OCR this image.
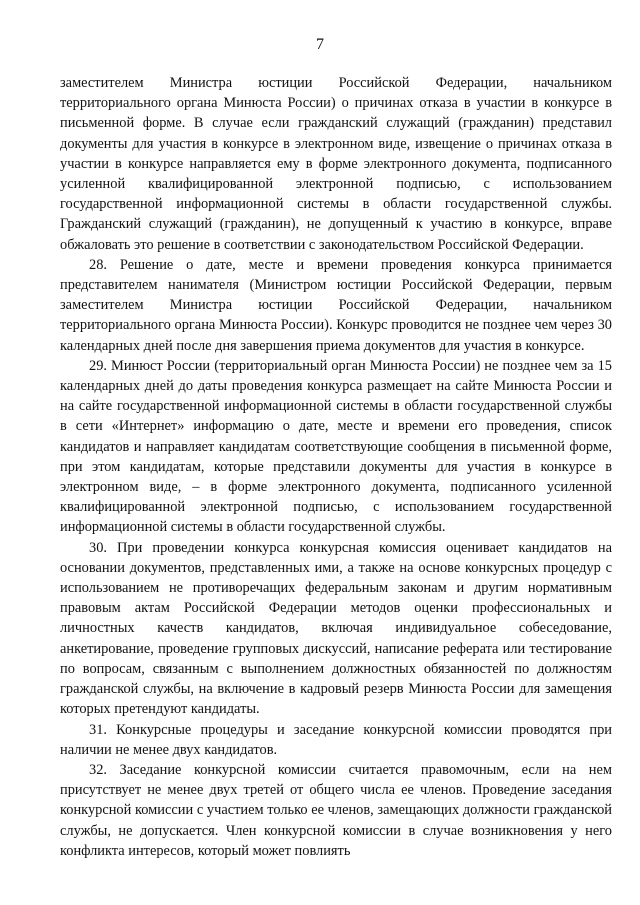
7

заместителем Министра юстиции Российской Федерации, начальником территориального органа Минюста России) о причинах отказа в участии в конкурсе в письменной форме. В случае если гражданский служащий (гражданин) представил документы для участия в конкурсе в электронном виде, извещение о причинах отказа в участии в конкурсе направляется ему в форме электронного документа, подписанного усиленной квалифицированной электронной подписью, с использованием государственной информационной системы в области государственной службы. Гражданский служащий (гражданин), не допущенный к участию в конкурсе, вправе обжаловать это решение в соответствии с законодательством Российской Федерации.

28. Решение о дате, месте и времени проведения конкурса принимается представителем нанимателя (Министром юстиции Российской Федерации, первым заместителем Министра юстиции Российской Федерации, начальником территориального органа Минюста России). Конкурс проводится не позднее чем через 30 календарных дней после дня завершения приема документов для участия в конкурсе.

29. Минюст России (территориальный орган Минюста России) не позднее чем за 15 календарных дней до даты проведения конкурса размещает на сайте Минюста России и на сайте государственной информационной системы в области государственной службы в сети «Интернет» информацию о дате, месте и времени его проведения, список кандидатов и направляет кандидатам соответствующие сообщения в письменной форме, при этом кандидатам, которые представили документы для участия в конкурсе в электронном виде, – в форме электронного документа, подписанного усиленной квалифицированной электронной подписью, с использованием государственной информационной системы в области государственной службы.

30. При проведении конкурса конкурсная комиссия оценивает кандидатов на основании документов, представленных ими, а также на основе конкурсных процедур с использованием не противоречащих федеральным законам и другим нормативным правовым актам Российской Федерации методов оценки профессиональных и личностных качеств кандидатов, включая индивидуальное собеседование, анкетирование, проведение групповых дискуссий, написание реферата или тестирование по вопросам, связанным с выполнением должностных обязанностей по должностям гражданской службы, на включение в кадровый резерв Минюста России для замещения которых претендуют кандидаты.

31. Конкурсные процедуры и заседание конкурсной комиссии проводятся при наличии не менее двух кандидатов.

32. Заседание конкурсной комиссии считается правомочным, если на нем присутствует не менее двух третей от общего числа ее членов. Проведение заседания конкурсной комиссии с участием только ее членов, замещающих должности гражданской службы, не допускается. Член конкурсной комиссии в случае возникновения у него конфликта интересов, который может повлиять
